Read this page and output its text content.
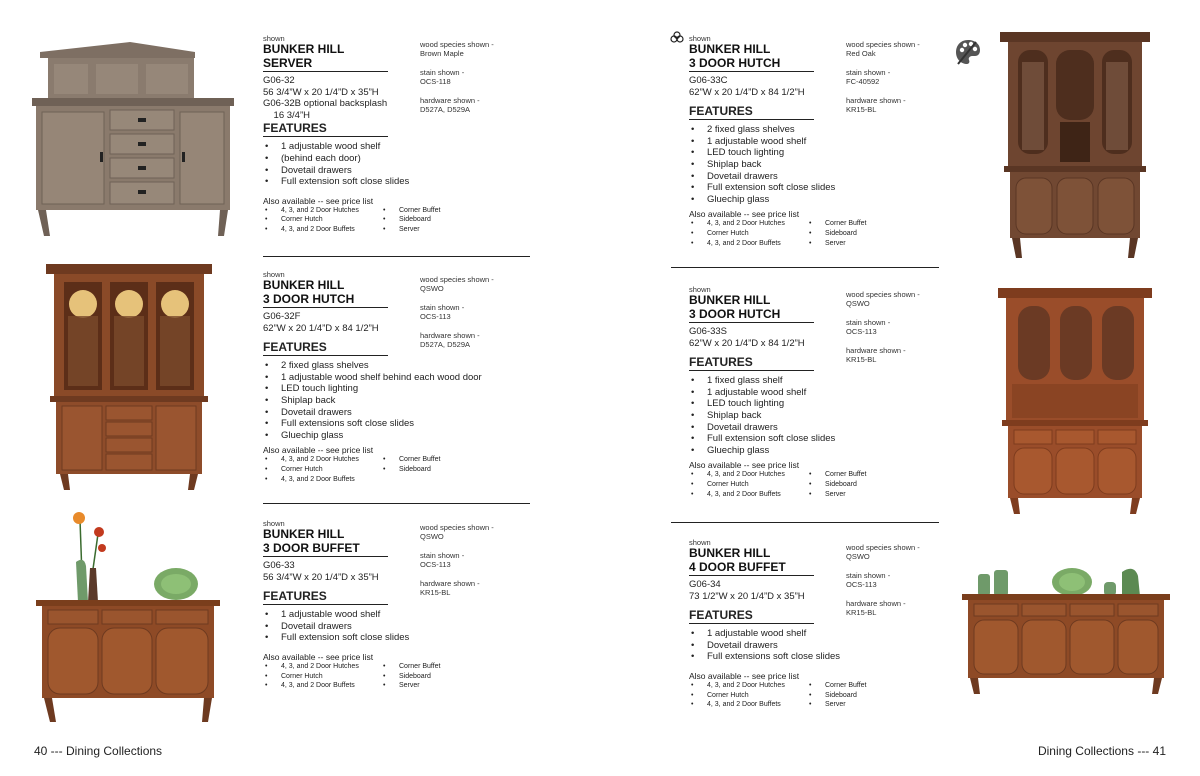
shown
BUNKER HILL
SERVER
G06-32
56 3/4”W x 20 1/4”D x 35”H
G06-32B optional backsplash
16 3/4”H
FEATURES
• 1 adjustable wood shelf
• (behind each door)
• Dovetail drawers
• Full extension soft close slides
Also available -- see price list
• 4, 3, and 2 Door Hutches	• Corner Buffet
• Corner Hutch	• Sideboard
• 4, 3, and 2 Door Buffets	• Server
wood species shown -
Brown Maple
stain shown -
OCS-118
hardware shown -
D527A, D529A
shown
BUNKER HILL
3 DOOR HUTCH
G06-32F
62”W x 20 1/4”D x 84 1/2”H
FEATURES
• 2 fixed glass shelves
• 1 adjustable wood shelf behind each wood door
• LED touch lighting
• Shiplap back
• Dovetail drawers
• Full extensions soft close slides
• Gluechip glass
Also available -- see price list
• 4, 3, and 2 Door Hutches	• Corner Buffet
• Corner Hutch	• Sideboard
• 4, 3, and 2 Door Buffets
wood species shown -
QSWO
stain shown -
OCS-113
hardware shown -
D527A, D529A
shown
BUNKER HILL
3 DOOR BUFFET
G06-33
56 3/4”W x 20 1/4”D x 35”H
FEATURES
• 1 adjustable wood shelf
• Dovetail drawers
• Full extension soft close slides
Also available -- see price list
• 4, 3, and 2 Door Hutches	• Corner Buffet
• Corner Hutch	• Sideboard
• 4, 3, and 2 Door Buffets	• Server
wood species shown -
QSWO
stain shown -
OCS-113
hardware shown -
KR15-BL
40 --- Dining Collections
shown
BUNKER HILL
3 DOOR HUTCH
G06-33C
62”W x 20 1/4”D x 84 1/2”H
FEATURES
• 2 fixed glass shelves
• 1 adjustable wood shelf
• LED touch lighting
• Shiplap back
• Dovetail drawers
• Full extension soft close slides
• Gluechip glass
Also available -- see price list
• 4, 3, and 2 Door Hutches	• Corner Buffet
• Corner Hutch	• Sideboard
• 4, 3, and 2 Door Buffets	• Server
wood species shown -
Red Oak
stain shown -
FC-40592
hardware shown -
KR15-BL
shown
BUNKER HILL
3 DOOR HUTCH
G06-33S
62”W x 20 1/4”D x 84 1/2”H
FEATURES
• 1 fixed glass shelf
• 1 adjustable wood shelf
• LED touch lighting
• Shiplap back
• Dovetail drawers
• Full extension soft close slides
• Gluechip glass
Also available -- see price list
• 4, 3, and 2 Door Hutches	• Corner Buffet
• Corner Hutch	• Sideboard
• 4, 3, and 2 Door Buffets	• Server
wood species shown -
QSWO
stain shown -
OCS-113
hardware shown -
KR15-BL
shown
BUNKER HILL
4 DOOR BUFFET
G06-34
73 1/2”W x 20 1/4”D x 35”H
FEATURES
• 1 adjustable wood shelf
• Dovetail drawers
• Full extensions soft close slides
Also available -- see price list
• 4, 3, and 2 Door Hutches	• Corner Buffet
• Corner Hutch	• Sideboard
• 4, 3, and 2 Door Buffets	• Server
wood species shown -
QSWO
stain shown -
OCS-113
hardware shown -
KR15-BL
Dining Collections --- 41
